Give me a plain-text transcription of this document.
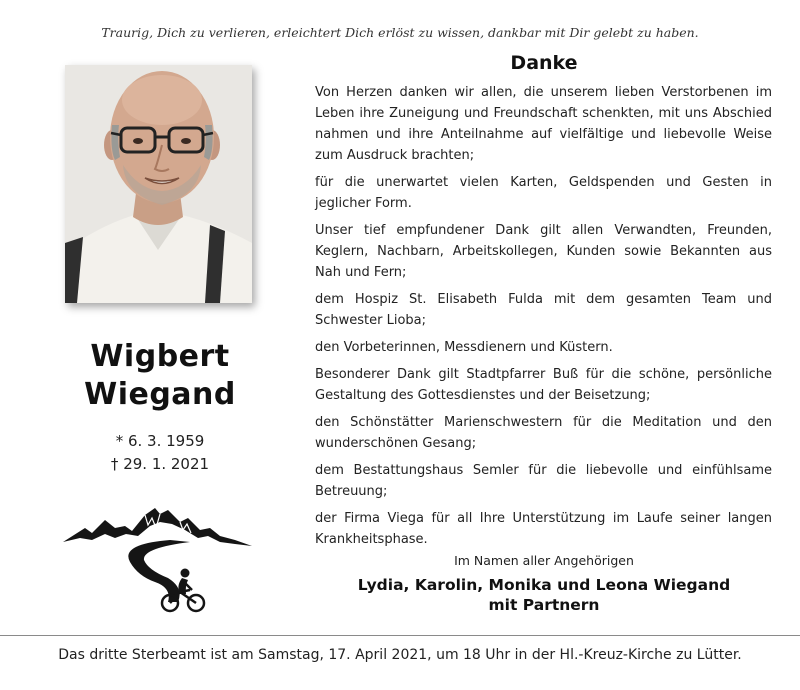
Traurig, Dich zu verlieren, erleichtert Dich erlöst zu wissen, dankbar mit Dir gelebt zu haben.
Wigbert
Wiegand
* 6. 3. 1959
† 29. 1. 2021
Danke

Von Herzen danken wir allen, die unserem lieben Verstorbenen im Leben ihre Zuneigung und Freundschaft schenkten, mit uns Abschied nahmen und ihre Anteilnahme auf vielfältige und liebevolle Weise zum Ausdruck brachten;

für die unerwartet vielen Karten, Geldspenden und Gesten in jeglicher Form.

Unser tief empfundener Dank gilt allen Verwandten, Freunden, Keglern, Nachbarn, Arbeitskollegen, Kunden sowie Bekannten aus Nah und Fern;

dem Hospiz St. Elisabeth Fulda mit dem gesamten Team und Schwester Lioba;

den Vorbeterinnen, Messdienern und Küstern.

Besonderer Dank gilt Stadtpfarrer Buß für die schöne, persönliche Gestaltung des Gottesdienstes und der Beisetzung;

den Schönstätter Marienschwestern für die Meditation und den wunderschönen Gesang;

dem Bestattungshaus Semler für die liebevolle und einfühlsame Betreuung;

der Firma Viega für all Ihre Unterstützung im Laufe seiner langen Krankheitsphase.

Im Namen aller Angehörigen
Lydia, Karolin, Monika und Leona Wiegand
mit Partnern
Das dritte Sterbeamt ist am Samstag, 17. April 2021, um 18 Uhr in der Hl.-Kreuz-Kirche zu Lütter.
